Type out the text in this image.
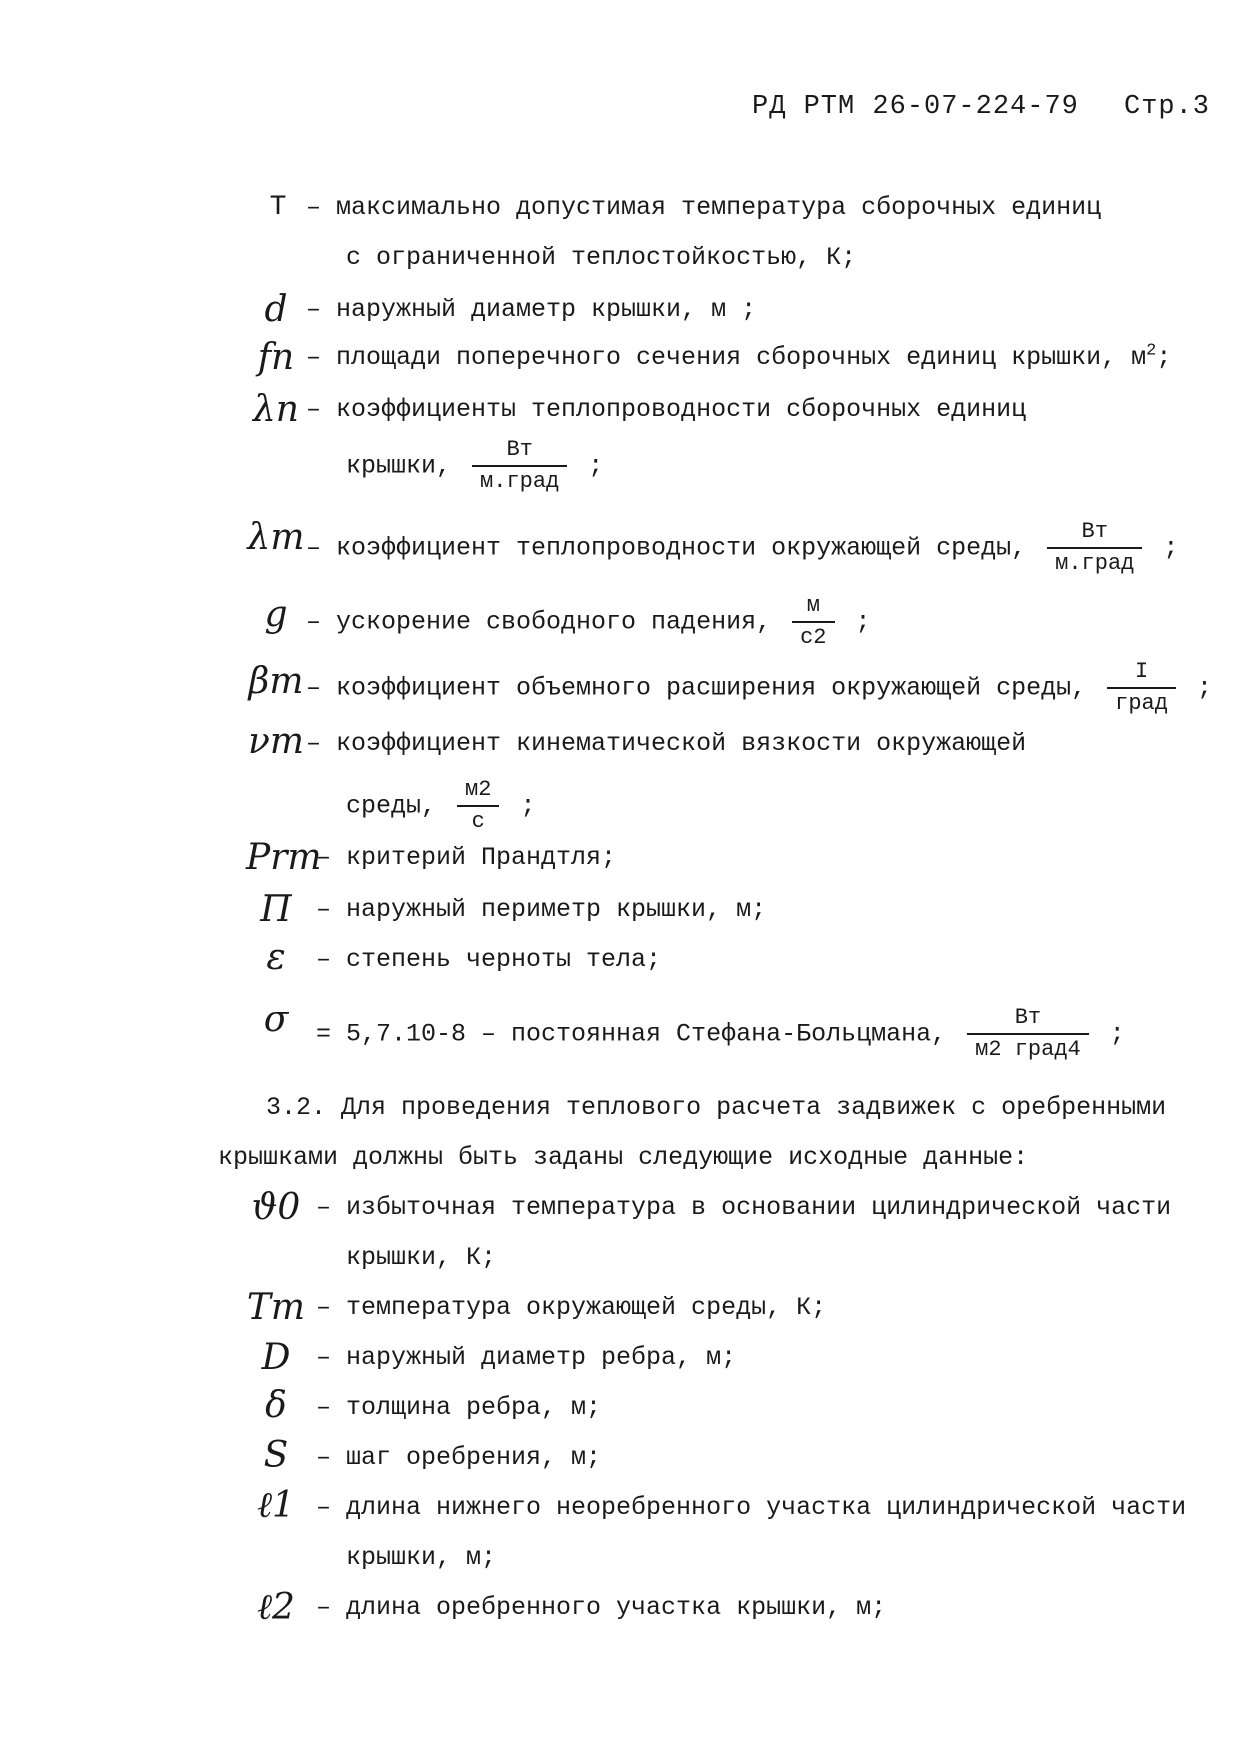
РД РТМ 26-07-224-79 Стр.3
T – максимально допустимая температура сборочных единиц
с ограниченной теплостойкостью, К;
d – наружный диаметр крышки, м ;
fn – площади поперечного сечения сборочных единиц крышки, $м^2$;
λn – коэффициенты теплопроводности сборочных единиц
крышки, $\frac{Вт}{\text{м.град}}$ ;
λm – коэффициент теплопроводности окружающей среды, $\frac{Вт}{\text{м.град}}$ ;
g – ускорение свободного падения, $\frac{м}{с2}$ ;
βm – коэффициент объемного расширения окружающей среды, $\frac{I}{\text{град}}$ ;
νm – коэффициент кинематической вязкости окружающей
среды, $\frac{м2}{с}$ ;
Prm
– критерий Прандтля;
П – наружный периметр крышки, м;
ε	– степень черноты тела;
σ	= 5,7.10-8 – постоянная Стефана-Больцмана, $\frac{Вт}{\text{м2 град4}}$ ;
3.2. Для проведения теплового расчета задвижек с оребренными
крышками должны быть заданы следующие исходные данные:
ϑ0 – избыточная температура в основании цилиндрической части
крышки, К;
Tm – температура окружающей среды, К;
D	– наружный диаметр ребра, м;
δ	– толщина ребра, м;
S	– шаг оребрения, м;
ℓ1 – длина нижнего неоребренного участка цилиндрической части
крышки, м;
ℓ2 – длина оребренного участка крышки, м;
